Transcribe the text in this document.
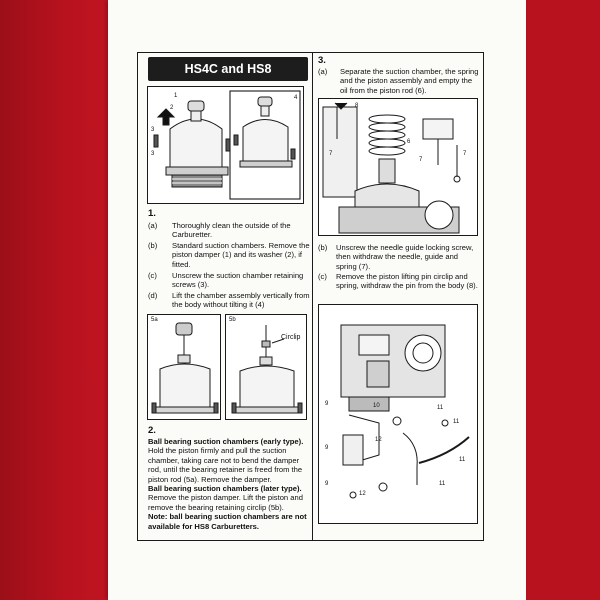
HS4C and HS8
1
2
3
3
4
1.
(a) Thoroughly clean the outside of the Carburetter.
(b) Standard suction chambers. Remove the piston damper (1) and its washer (2), if fitted.
(c) Unscrew the suction chamber retaining screws (3).
(d) Lift the chamber assembly vertically from the body without tilting it (4)
5a	5b
Circlip
2.
Ball bearing suction chambers (early type). Hold the piston firmly and pull the suction chamber, taking care not to bend the damper rod, until the bearing retainer is freed from the piston rod (5a). Remove the damper.
Ball bearing suction chambers (later type). Remove the piston damper. Lift the piston and remove the bearing retaining circlip (5b).
Note: ball bearing suction chambers are not available for HS8 Carburetters.
3.
(a) Separate the suction chamber, the spring and the piston assembly and empty the oil from the piston rod (6).
8
6
7
7
7
(b) Unscrew the needle guide locking screw, then withdraw the needle, guide and spring (7).
(c) Remove the piston lifting pin circlip and spring, withdraw the pin from the body (8).
9	10	11
11
11
12
9
9
12
11
